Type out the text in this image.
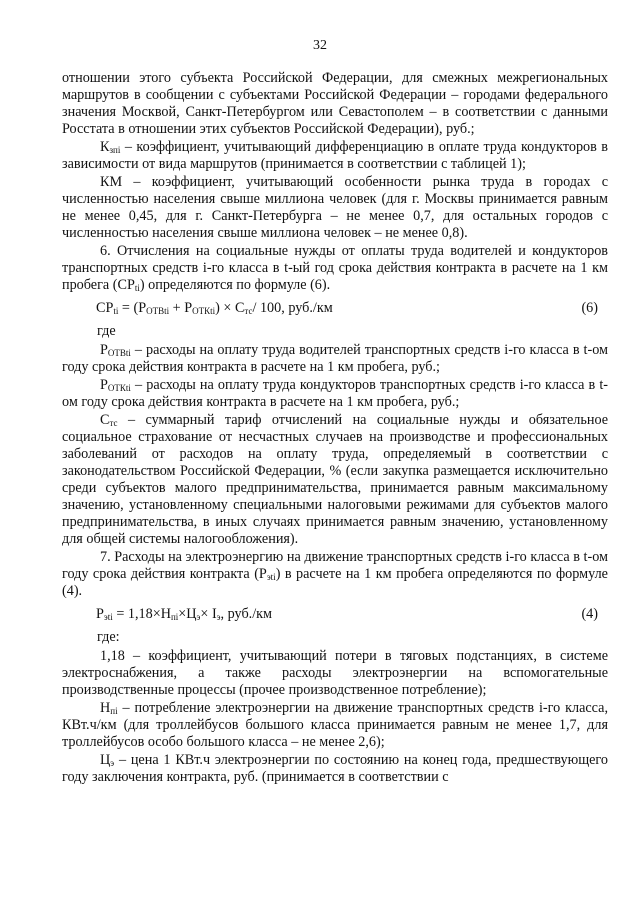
32

отношении этого субъекта Российской Федерации, для смежных межрегиональных маршрутов в сообщении с субъектами Российской Федерации – городами федерального значения Москвой, Санкт-Петербургом или Севастополем – в соответствии с данными Росстата в отношении этих субъектов Российской Федерации), руб.;

$К_{зпi}$ – коэффициент, учитывающий дифференциацию в оплате труда кондукторов в зависимости от вида маршрутов (принимается в соответствии с таблицей 1);

КМ – коэффициент, учитывающий особенности рынка труда в городах с численностью населения свыше миллиона человек (для г. Москвы принимается равным не менее 0,45, для г. Санкт-Петербурга – не менее 0,7, для остальных городов с численностью населения свыше миллиона человек – не менее 0,8).

6. Отчисления на социальные нужды от оплаты труда водителей и кондукторов транспортных средств i-го класса в t-ый год срока действия контракта в расчете на 1 км пробега $(СР_{ti})$ определяются по формуле (6).

$СР_{ti} = (Р_{ОТВti} + Р_{ОТКti}) \times С_{тс}/$ 100, руб./км	(6)

где

$Р_{ОТВti}$ – расходы на оплату труда водителей транспортных средств i-го класса в t-ом году срока действия контракта в расчете на 1 км пробега, руб.;

$Р_{ОТКti}$ – расходы на оплату труда кондукторов транспортных средств i-го класса в t-ом году срока действия контракта в расчете на 1 км пробега, руб.;

$С_{тс}$ – суммарный тариф отчислений на социальные нужды и обязательное социальное страхование от несчастных случаев на производстве и профессиональных заболеваний от расходов на оплату труда, определяемый в соответствии с законодательством Российской Федерации, % (если закупка размещается исключительно среди субъектов малого предпринимательства, принимается равным максимальному значению, установленному специальными налоговыми режимами для субъектов малого предпринимательства, в иных случаях принимается равным значению, установленному для общей системы налогообложения).

7. Расходы на электроэнергию на движение транспортных средств i-го класса в t-ом году срока действия контракта $(Р_{эti})$ в расчете на 1 км пробега определяются по формуле (4).

$Р_{эti} = 1,18\times Н_{пi}\times Ц_э\times I_э$, руб./км	(4)

где:

1,18 – коэффициент, учитывающий потери в тяговых подстанциях, в системе электроснабжения, а также расходы электроэнергии на вспомогательные производственные процессы (прочее производственное потребление);

$Н_{пi}$ – потребление электроэнергии на движение транспортных средств i-го класса, КВт.ч/км (для троллейбусов большого класса принимается равным не менее 1,7, для троллейбусов особо большого класса – не менее 2,6);

$Ц_э$ – цена 1 КВт.ч электроэнергии по состоянию на конец года, предшествующего году заключения контракта, руб. (принимается в соответствии с
